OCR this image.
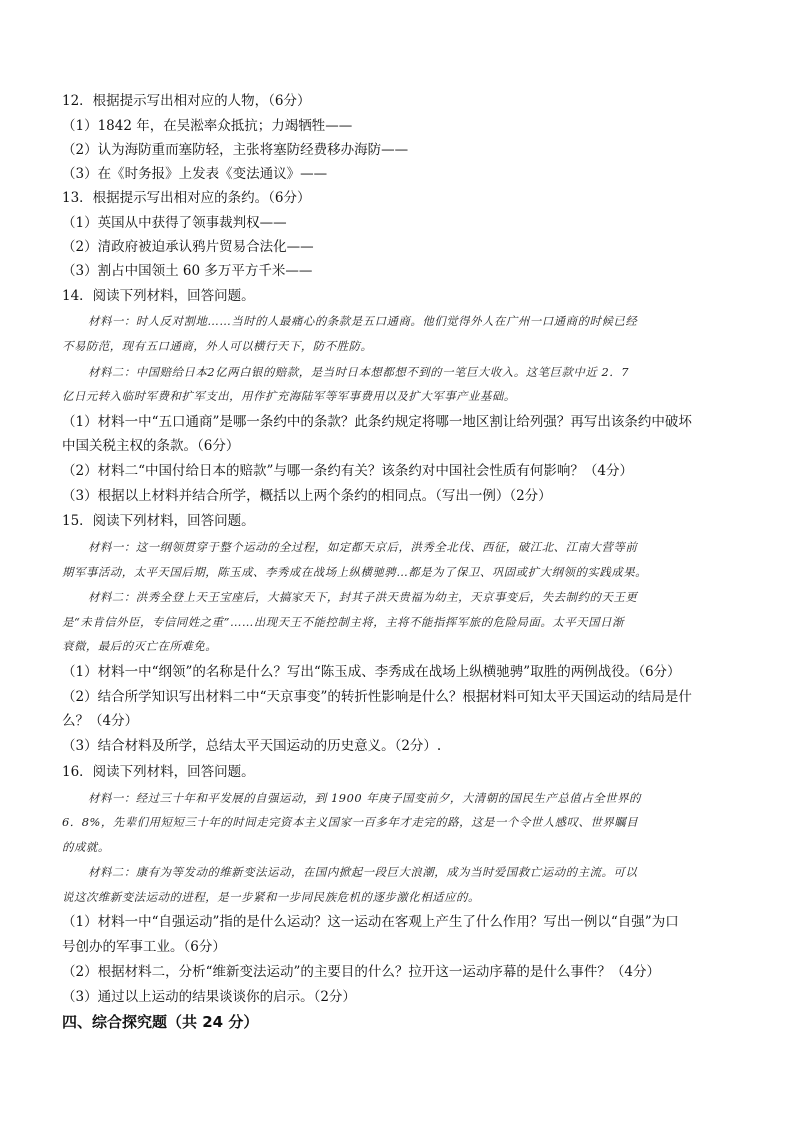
12．根据提示写出相对应的人物，（6分）
（1）1842 年，在吴淞率众抵抗；力竭牺牲——
（2）认为海防重而塞防轻，主张将塞防经费移办海防——
（3）在《时务报》上发表《变法通议》——
13．根据提示写出相对应的条约。（6分）
（1）英国从中获得了领事裁判权——
（2）清政府被迫承认鸦片贸易合法化——
（3）割占中国领土 60 多万平方千米——
14．阅读下列材料，回答问题。
材料一：时人反对割地……当时的人最痛心的条款是五口通商。他们觉得外人在广州一口通商的时候已经
不易防范，现有五口通商，外人可以横行天下，防不胜防。
材料二：中国赔给日本2亿两白银的赔款，是当时日本想都想不到的一笔巨大收入。这笔巨款中近 2．7
亿日元转入临时军费和扩军支出，用作扩充海陆军等军事费用以及扩大军事产业基础。
（1）材料一中“五口通商”是哪一条约中的条款？此条约规定将哪一地区割让给列强？再写出该条约中破坏
中国关税主权的条款。（6分）
（2）材料二“中国付给日本的赔款”与哪一条约有关？该条约对中国社会性质有何影响？（4分）
（3）根据以上材料并结合所学，概括以上两个条约的相同点。（写出一例）（2分）
15．阅读下列材料，回答问题。
材料一：这一纲领贯穿于整个运动的全过程，如定都天京后，洪秀全北伐、西征，破江北、江南大营等前
期军事活动，太平天国后期，陈玉成、李秀成在战场上纵横驰骋…都是为了保卫、巩固或扩大纲领的实践成果。
材料二：洪秀全登上天王宝座后，大搞家天下，封其子洪天贵福为幼主，天京事变后，失去制约的天王更
是“未肯信外臣，专信同姓之重”……出现天王不能控制主将，主将不能指挥军旅的危险局面。太平天国日渐
衰微，最后的灭亡在所难免。
（1）材料一中“纲领”的名称是什么？写出“陈玉成、李秀成在战场上纵横驰骋”取胜的两例战役。（6分）
（2）结合所学知识写出材料二中“天京事变”的转折性影响是什么？根据材料可知太平天国运动的结局是什
么？（4分）
（3）结合材料及所学，总结太平天国运动的历史意义。（2分）.
16．阅读下列材料，回答问题。
材料一：经过三十年和平发展的自强运动，到 1900 年庚子国变前夕，大清朝的国民生产总值占全世界的
6．8%，先辈们用短短三十年的时间走完资本主义国家一百多年才走完的路，这是一个令世人感叹、世界瞩目
的成就。
材料二：康有为等发动的维新变法运动，在国内掀起一段巨大浪潮，成为当时爱国救亡运动的主流。可以
说这次维新变法运动的进程，是一步紧和一步同民族危机的逐步激化相适应的。
（1）材料一中“自强运动”指的是什么运动？这一运动在客观上产生了什么作用？写出一例以“自强”为口
号创办的军事工业。（6分）
（2）根据材料二，分析“维新变法运动”的主要目的什么？拉开这一运动序幕的是什么事件？（4分）
（3）通过以上运动的结果谈谈你的启示。（2分）
四、综合探究题（共 24 分）
